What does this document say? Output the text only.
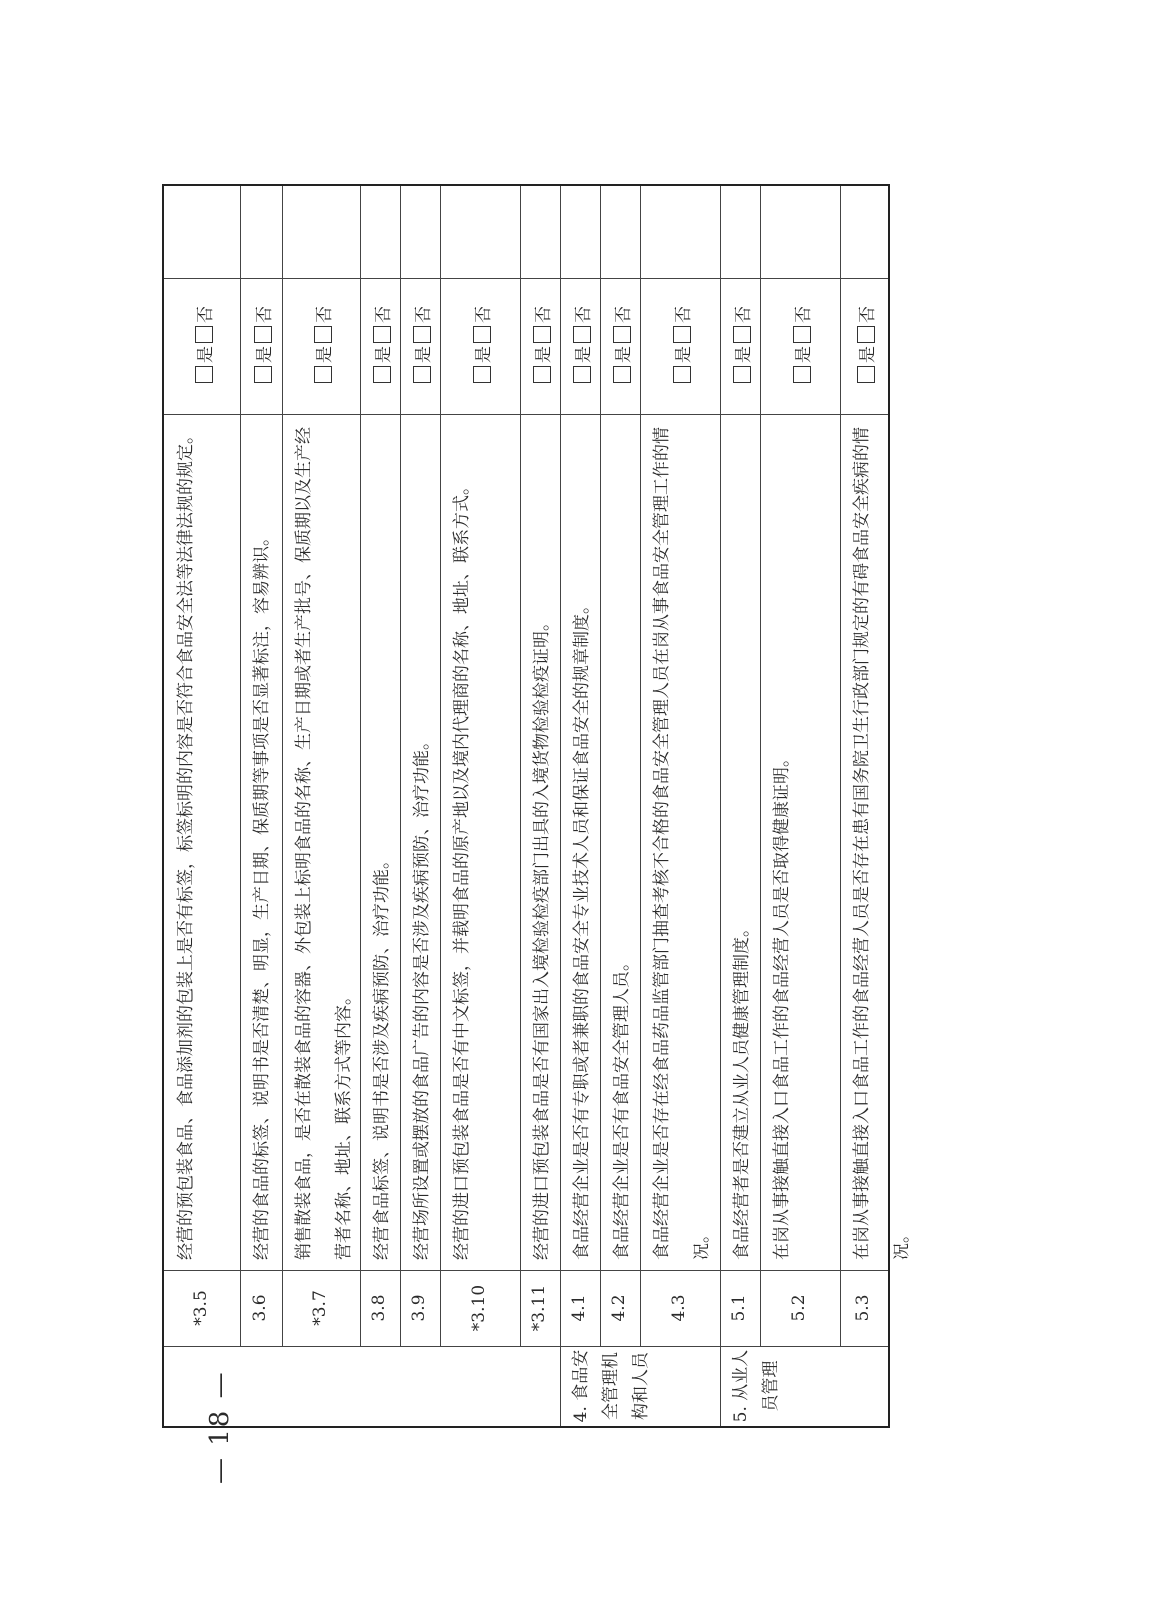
*3.5
经营的预包装食品、食品添加剂的包装上是否有标签，标签标明的内容是否符合食品安全法等法律法规的规定。
是
否
3.6
经营的食品的标签、说明书是否清楚、明显，生产日期、保质期等事项是否显著标注，容易辨识。
是
否
*3.7
销售散装食品，是否在散装食品的容器、外包装上标明食品的名称、生产日期或者生产批号、保质期以及生产经营者名称、地址、联系方式等内容。
是
否
3.8
经营食品标签、说明书是否涉及疾病预防、治疗功能。
是
否
3.9
经营场所设置或摆放的食品广告的内容是否涉及疾病预防、治疗功能。
是
否
*3.10
经营的进口预包装食品是否有中文标签，并载明食品的原产地以及境内代理商的名称、地址、联系方式。
是
否
*3.11
经营的进口预包装食品是否有国家出入境检验检疫部门出具的入境货物检验检疫证明。
是
否
4.1
食品经营企业是否有专职或者兼职的食品安全专业技术人员和保证食品安全的规章制度。
是
否
4.2
食品经营企业是否有食品安全管理人员。
是
否
4.3
食品经营企业是否存在经食品药品监管部门抽查考核不合格的食品安全管理人员在岗从事食品安全管理工作的情况。
是
否
5.1
食品经营者是否建立从业人员健康管理制度。
是
否
5.2
在岗从事接触直接入口食品工作的食品经营人员是否取得健康证明。
是
否
5.3
在岗从事接触直接入口食品工作的食品经营人员是否存在患有国务院卫生行政部门规定的有碍食品安全疾病的情况。
是
否
4. 食品安全管理机构和人员	5. 从业人员管理
— 18 —
